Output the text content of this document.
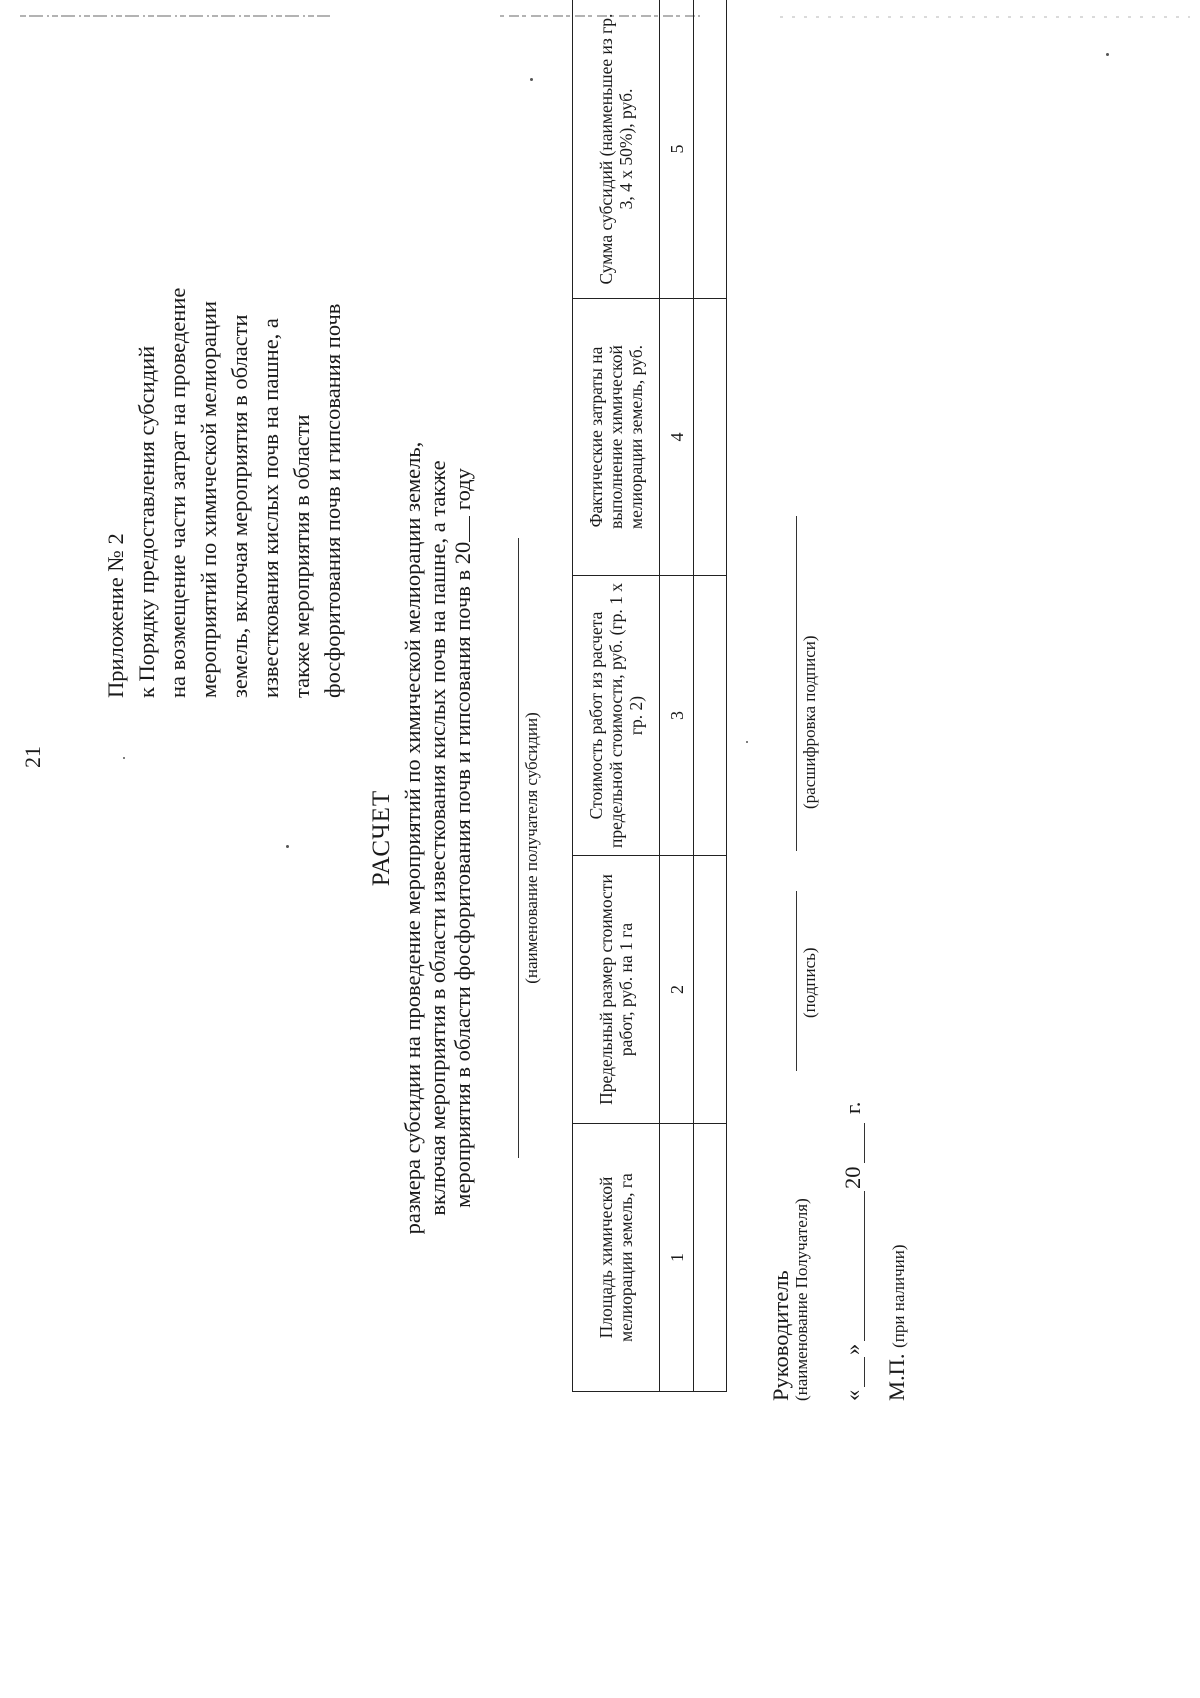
21
Приложение № 2 к Порядку предоставления субсидий на возмещение части затрат на проведение мероприятий по химической мелиорации земель, включая мероприятия в области известкования кислых почв на пашне, а также мероприятия в области фосфоритования почв и гипсования почв
РАСЧЕТ размера субсидии на проведение мероприятий по химической мелиорации земель, включая мероприятия в области известкования кислых почв на пашне, а также мероприятия в области фосфоритования почв и гипсования почв в 20 году
(наименование получателя субсидии)
Площадь химической мелиорации земель, га	Предельный размер стоимости работ, руб. на 1 га	Стоимость работ из расчета предельной стоимости, руб. (гр. 1 х гр. 2)	Фактические затраты на выполнение химической мелиорации земель, руб.	Сумма субсидий (наименьшее из гр. 3, 4 х 50%), руб.
1	2	3	4	5

Руководитель (наименование Получателя)
(подпись)
(расшифровка подписи)
«
»
20
г.
М.П. (при наличии)
